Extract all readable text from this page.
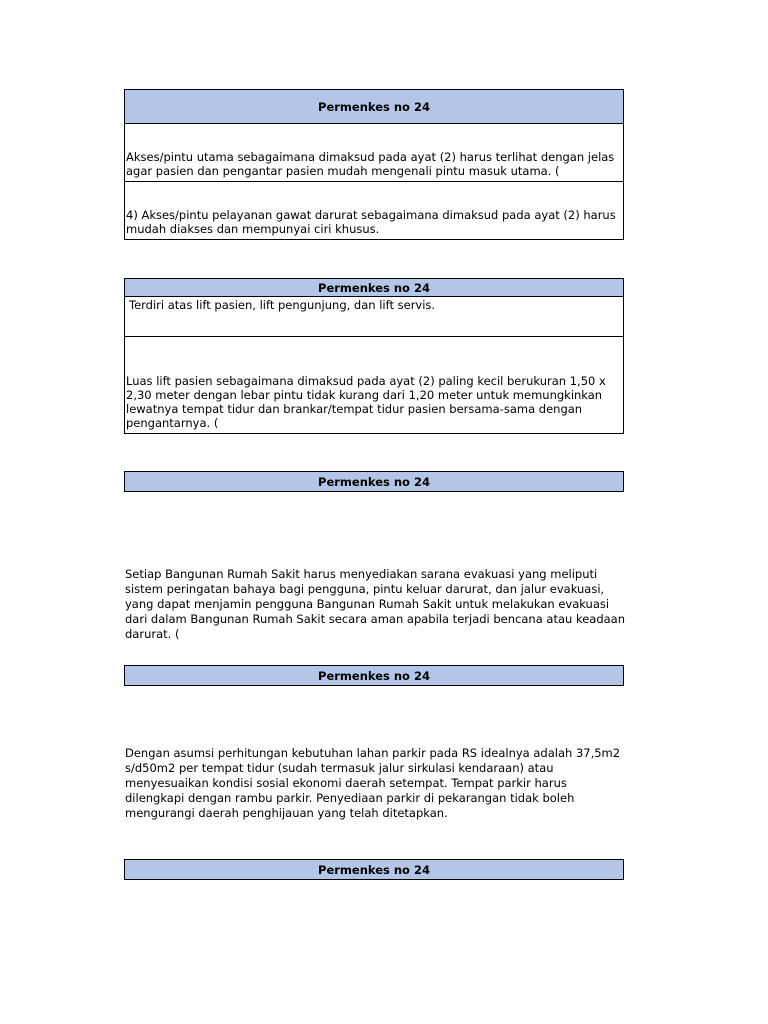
Permenkes no 24
Akses/pintu utama sebagaimana dimaksud pada ayat (2) harus terlihat dengan jelas agar pasien dan pengantar pasien mudah mengenali pintu masuk utama. (
4) Akses/pintu pelayanan gawat darurat sebagaimana dimaksud pada ayat (2) harus mudah diakses dan mempunyai ciri khusus.
Permenkes no 24
Terdiri atas lift pasien, lift pengunjung, dan lift servis.
Luas lift pasien sebagaimana dimaksud pada ayat (2) paling kecil berukuran 1,50 x 2,30 meter dengan lebar pintu tidak kurang dari 1,20 meter untuk memungkinkan lewatnya tempat tidur dan brankar/tempat tidur pasien bersama-sama dengan pengantarnya. (
Permenkes no 24
Setiap Bangunan Rumah Sakit harus menyediakan sarana evakuasi yang meliputi sistem peringatan bahaya bagi pengguna, pintu keluar darurat, dan jalur evakuasi, yang dapat menjamin pengguna Bangunan Rumah Sakit untuk melakukan evakuasi dari dalam Bangunan Rumah Sakit secara aman apabila terjadi bencana atau keadaan darurat. (
Permenkes no 24
Dengan asumsi perhitungan kebutuhan lahan parkir pada RS idealnya adalah 37,5m2 s/d50m2 per tempat tidur (sudah termasuk jalur sirkulasi kendaraan) atau menyesuaikan kondisi sosial ekonomi daerah setempat. Tempat parkir harus dilengkapi dengan rambu parkir. Penyediaan parkir di pekarangan tidak boleh mengurangi daerah penghijauan yang telah ditetapkan.
Permenkes no 24
